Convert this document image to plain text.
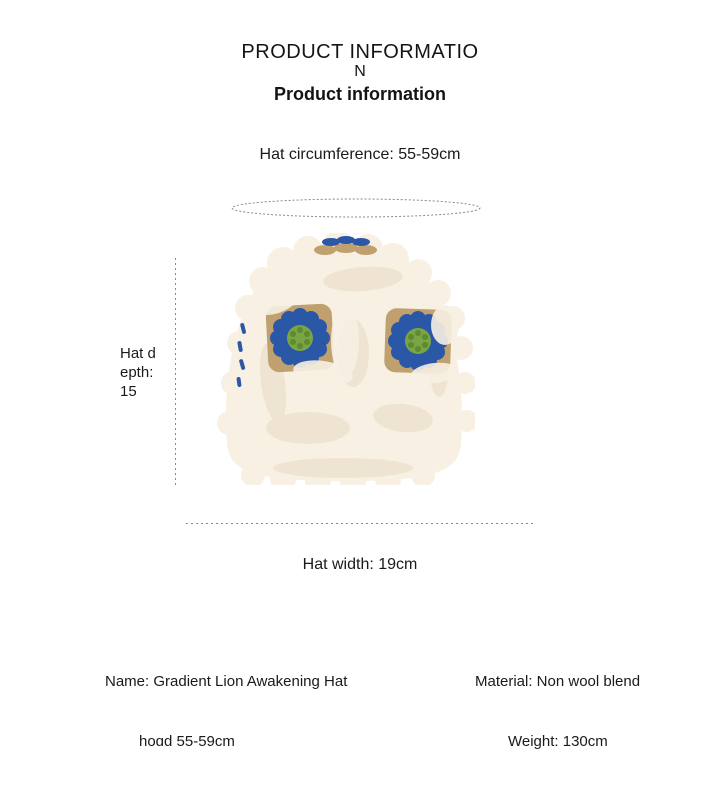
PRODUCT INFORMATIO
N
Product information
Hat circumference: 55-59cm
Hat d
epth:
15
Hat width: 19cm
Name: Gradient Lion Awakening Hat	Material: Non wool blend
hoɑd 55-59cm	Weight: 130cm
